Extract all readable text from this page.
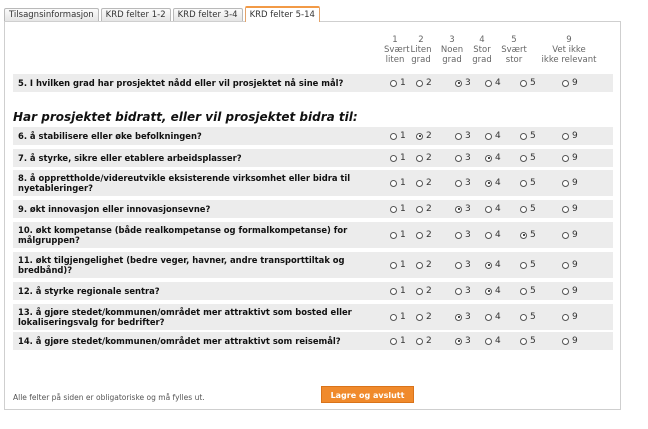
Tilsagnsinformasjon	KRD felter 1-2	KRD felter 3-4	KRD felter 5-14
1
Svært
liten
2
Liten
grad
3
Noen
grad
4
Stor
grad
5
Svært
stor
9
Vet ikke
ikke relevant
Har prosjektet bidratt, eller vil prosjektet bidra til:
5. I hvilken grad har prosjektet nådd eller vil prosjektet nå sine mål?	1 2	3	4	5	9
6. å stabilisere eller øke befolkningen?	1 2	3	4	5	9
7. å styrke, sikre eller etablere arbeidsplasser?	1 2	3	4	5	9
8. å opprettholde/videreutvikle eksisterende virksomhet eller bidra til nyetableringer?	1 2	3	4	5	9
9. økt innovasjon eller innovasjonsevne?	1 2	3	4	5	9
10. økt kompetanse (både realkompetanse og formalkompetanse) for målgruppen?	1 2	3	4	5	9
11. økt tilgjengelighet (bedre veger, havner, andre transporttiltak og bredbånd)?	1 2	3	4	5	9
12. å styrke regionale sentra?	1 2	3	4	5	9
13. å gjøre stedet/kommunen/området mer attraktivt som bosted eller lokaliseringsvalg for bedrifter?	1 2	3	4	5	9
14. å gjøre stedet/kommunen/området mer attraktivt som reisemål?	1 2	3	4	5	9
Alle felter på siden er obligatoriske og må fylles ut.	Lagre og avslutt
